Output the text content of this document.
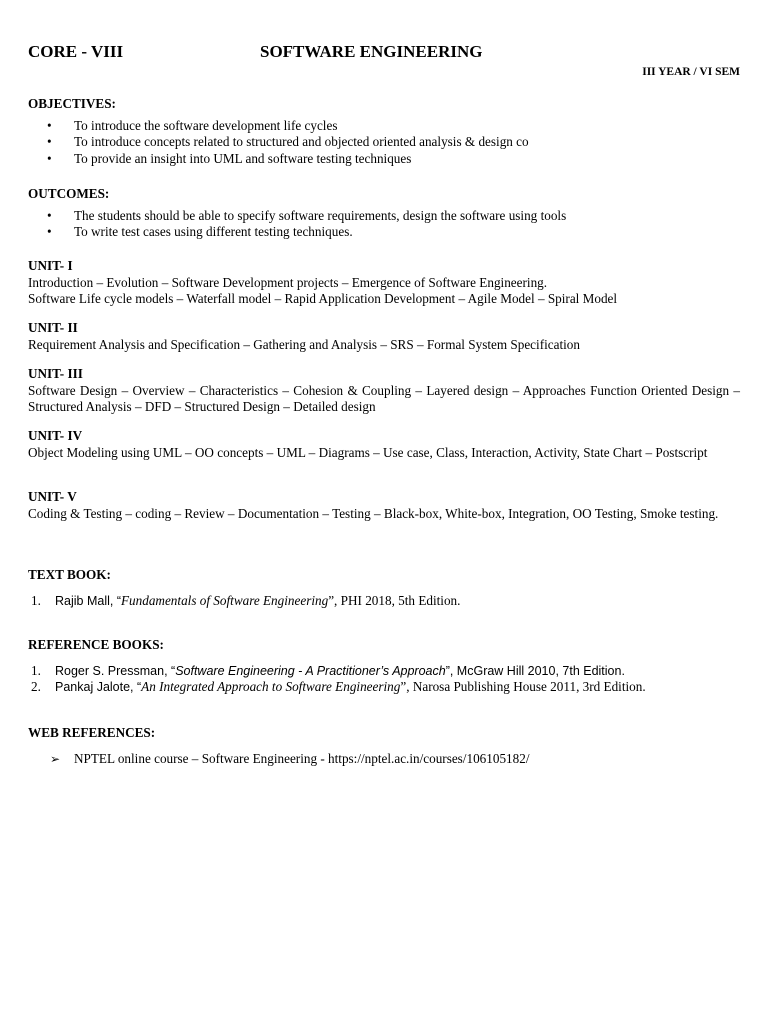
CORE - VIII	SOFTWARE ENGINEERING
III YEAR / VI SEM
OBJECTIVES:
• To introduce the software development life cycles
• To introduce concepts related to structured and objected oriented analysis & design co
• To provide an insight into UML and software testing techniques
OUTCOMES:
• The students should be able to specify software requirements, design the software using tools
• To write test cases using different testing techniques.
UNIT- I
Introduction – Evolution – Software Development projects – Emergence of Software Engineering.
Software Life cycle models – Waterfall model – Rapid Application Development – Agile Model – Spiral Model
UNIT- II
Requirement Analysis and Specification – Gathering and Analysis – SRS – Formal System Specification
UNIT- III
Software Design – Overview – Characteristics – Cohesion & Coupling – Layered design – Approaches Function Oriented Design – Structured Analysis – DFD – Structured Design – Detailed design
UNIT- IV
Object Modeling using UML – OO concepts – UML – Diagrams – Use case, Class, Interaction, Activity, State Chart – Postscript
UNIT- V
Coding & Testing – coding – Review – Documentation – Testing – Black-box, White-box, Integration, OO Testing, Smoke testing.
TEXT BOOK:
1. Rajib Mall, “Fundamentals of Software Engineering”, PHI 2018, 5th Edition.
REFERENCE BOOKS:
1. Roger S. Pressman, “Software Engineering - A Practitioner’s Approach”, McGraw Hill 2010, 7th Edition.
2. Pankaj Jalote, “An Integrated Approach to Software Engineering”, Narosa Publishing House 2011, 3rd Edition.
WEB REFERENCES:
➢ NPTEL online course – Software Engineering - https://nptel.ac.in/courses/106105182/
